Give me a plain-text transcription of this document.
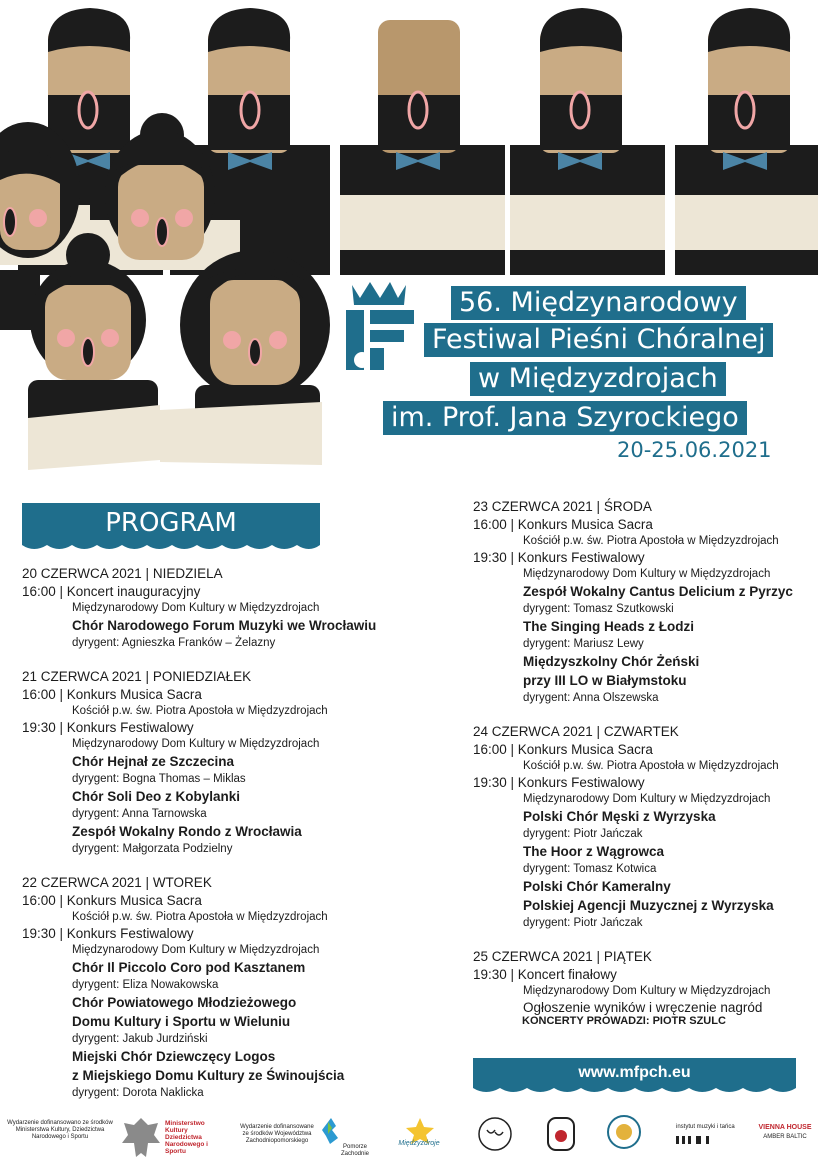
56. Międzynarodowy
Festiwal Pieśni Chóralnej
w Międzyzdrojach
im. Prof. Jana Szyrockiego
20-25.06.2021
PROGRAM
20 CZERWCA 2021 | NIEDZIELA
16:00 | Koncert inauguracyjny
Międzynarodowy Dom Kultury w Międzyzdrojach
Chór Narodowego Forum Muzyki we Wrocławiu
dyrygent: Agnieszka Franków – Żelazny
21 CZERWCA 2021 | PONIEDZIAŁEK
16:00 | Konkurs Musica Sacra
Kościół p.w. św. Piotra Apostoła w Międzyzdrojach
19:30 | Konkurs Festiwalowy
Międzynarodowy Dom Kultury w Międzyzdrojach
Chór Hejnał ze Szczecina
dyrygent: Bogna Thomas – Miklas
Chór Soli Deo z Kobylanki
dyrygent: Anna Tarnowska
Zespół Wokalny Rondo z Wrocławia
dyrygent: Małgorzata Podzielny
22 CZERWCA 2021 | WTOREK
16:00 | Konkurs Musica Sacra
Kościół p.w. św. Piotra Apostoła w Międzyzdrojach
19:30 | Konkurs Festiwalowy
Międzynarodowy Dom Kultury w Międzyzdrojach
Chór Il Piccolo Coro pod Kasztanem
dyrygent: Eliza Nowakowska
Chór Powiatowego Młodzieżowego
Domu Kultury i Sportu w Wieluniu
dyrygent: Jakub Jurdziński
Miejski Chór Dziewczęcy Logos
z Miejskiego Domu Kultury ze Świnoujścia
dyrygent: Dorota Naklicka
23 CZERWCA 2021 | ŚRODA
16:00 | Konkurs Musica Sacra
Kościół p.w. św. Piotra Apostoła w Międzyzdrojach
19:30 | Konkurs Festiwalowy
Międzynarodowy Dom Kultury w Międzyzdrojach
Zespół Wokalny Cantus Delicium z Pyrzyc
dyrygent: Tomasz Szutkowski
The Singing Heads z Łodzi
dyrygent: Mariusz Lewy
Międzyszkolny Chór Żeński
przy III LO w Białymstoku
dyrygent: Anna Olszewska
24 CZERWCA 2021 | CZWARTEK
16:00 | Konkurs Musica Sacra
Kościół p.w. św. Piotra Apostoła w Międzyzdrojach
19:30 | Konkurs Festiwalowy
Międzynarodowy Dom Kultury w Międzyzdrojach
Polski Chór Męski z Wyrzyska
dyrygent: Piotr Jańczak
The Hoor z Wągrowca
dyrygent: Tomasz Kotwica
Polski Chór Kameralny
Polskiej Agencji Muzycznej z Wyrzyska
dyrygent: Piotr Jańczak
25 CZERWCA 2021 | PIĄTEK
19:30 | Koncert finałowy
Międzynarodowy Dom Kultury w Międzyzdrojach
Ogłoszenie wyników i wręczenie nagród
KONCERTY PROWADZI: PIOTR SZULC
www.mfpch.eu
Wydarzenie dofinansowano ze środków Ministerstwa Kultury, Dziedzictwa Narodowego i Sportu
Ministerstwo Kultury Dziedzictwa Narodowego i Sportu
Wydarzenie dofinansowane ze środków Województwa Zachodniopomorskiego
Pomorze Zachodnie
Międzyzdroje
instytut muzyki i tańca	VIENNA HOUSE
AMBER BALTIC
